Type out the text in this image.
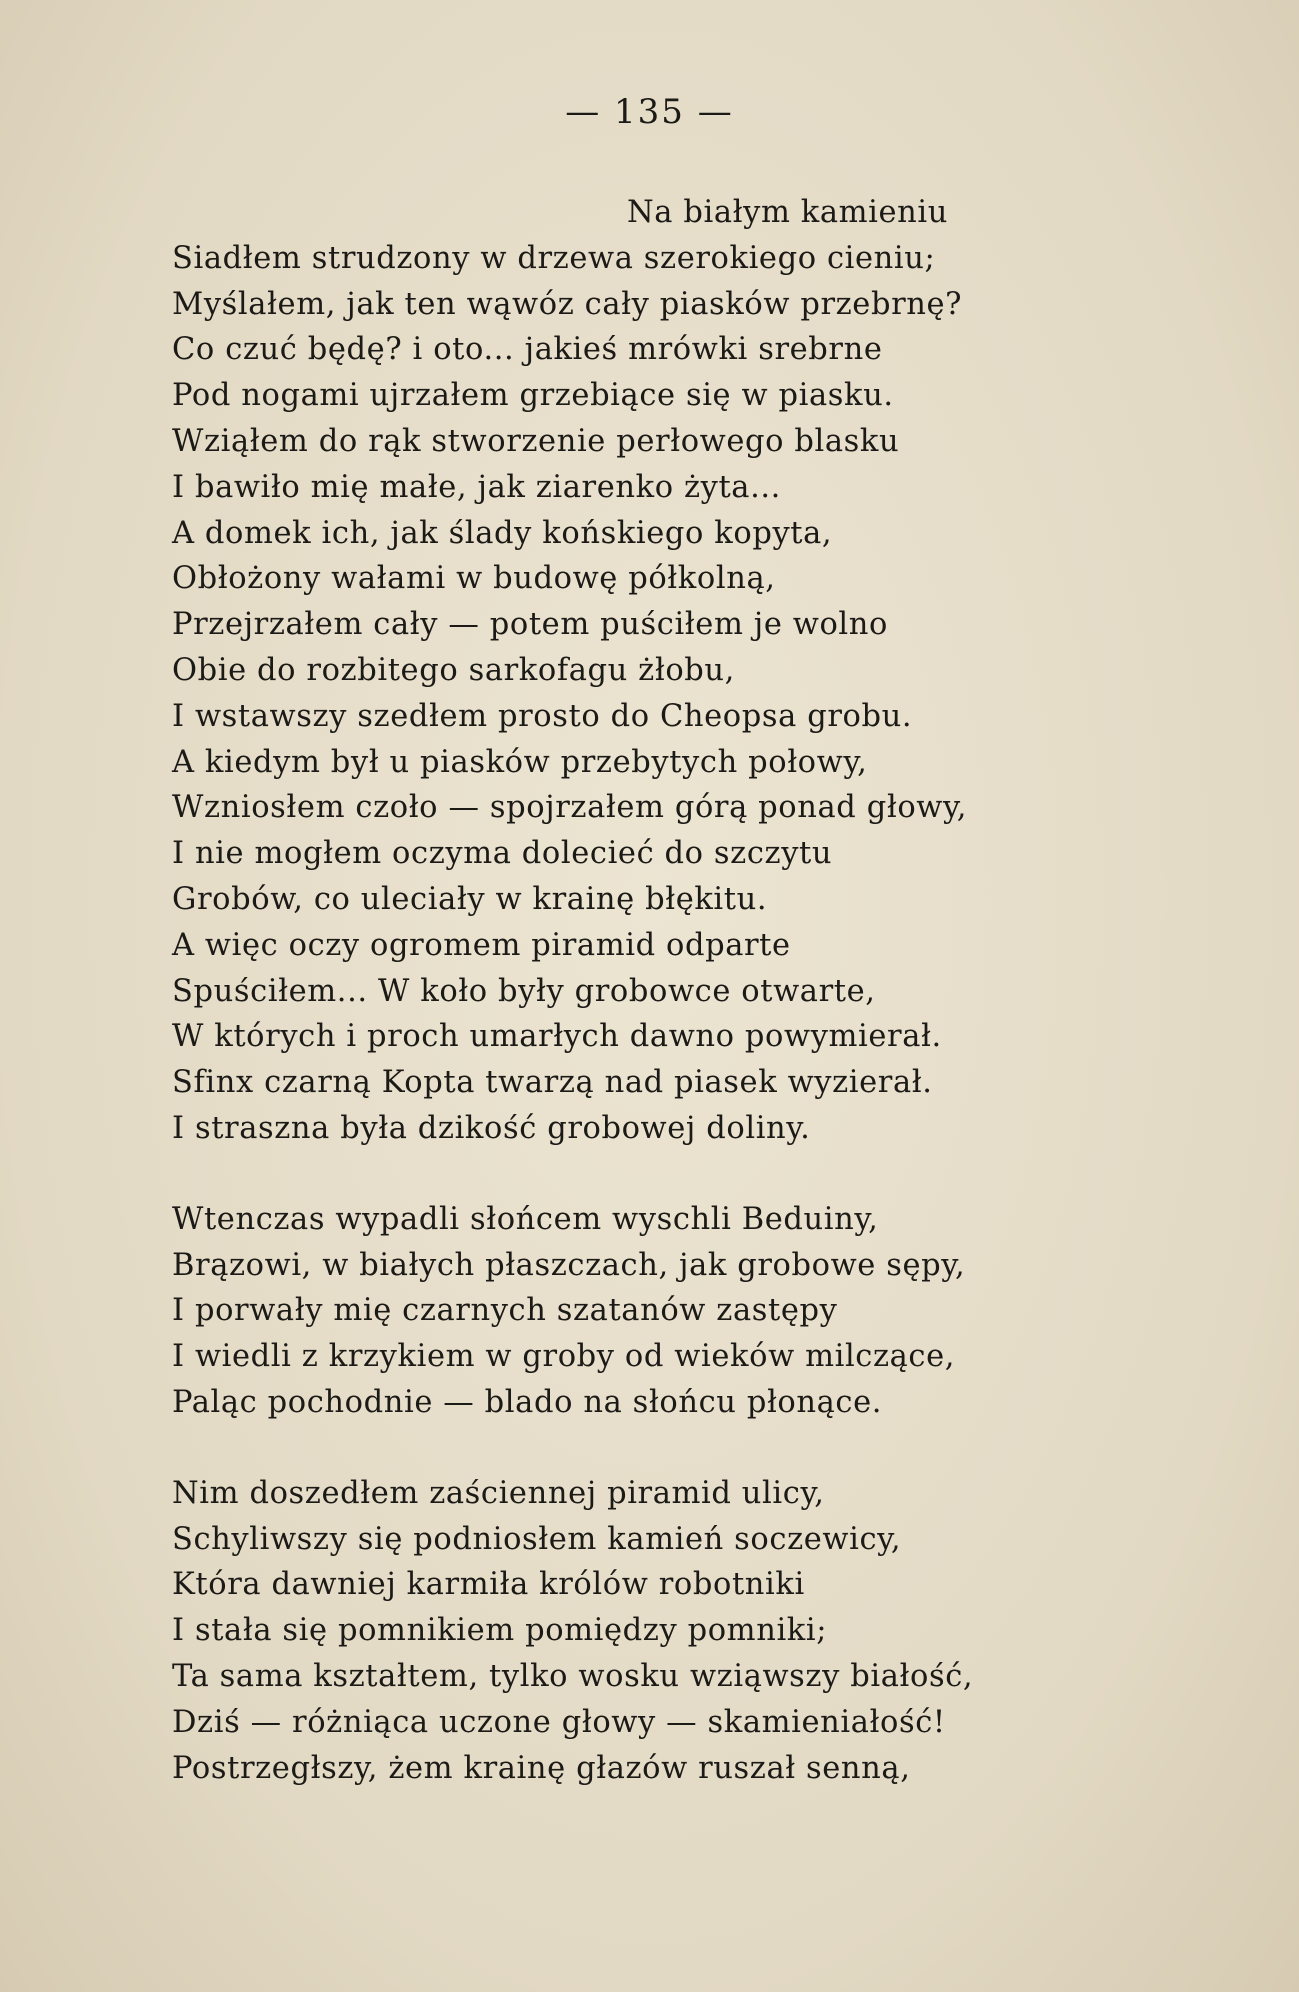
— 135 —
Na białym kamieniu
Siadłem strudzony w drzewa szerokiego cieniu;
Myślałem, jak ten wąwóz cały piasków przebrnę?
Co czuć będę? i oto... jakieś mrówki srebrne
Pod nogami ujrzałem grzebiące się w piasku.
Wziąłem do rąk stworzenie perłowego blasku
I bawiło mię małe, jak ziarenko żyta...
A domek ich, jak ślady końskiego kopyta,
Obłożony wałami w budowę półkolną,
Przejrzałem cały — potem puściłem je wolno
Obie do rozbitego sarkofagu żłobu,
I wstawszy szedłem prosto do Cheopsa grobu.
A kiedym był u piasków przebytych połowy,
Wzniosłem czoło — spojrzałem górą ponad głowy,
I nie mogłem oczyma dolecieć do szczytu
Grobów, co uleciały w krainę błękitu.
A więc oczy ogromem piramid odparte
Spuściłem... W koło były grobowce otwarte,
W których i proch umarłych dawno powymierał.
Sfinx czarną Kopta twarzą nad piasek wyzierał.
I straszna była dzikość grobowej doliny.
Wtenczas wypadli słońcem wyschli Beduiny,
Brązowi, w białych płaszczach, jak grobowe sępy,
I porwały mię czarnych szatanów zastępy
I wiedli z krzykiem w groby od wieków milczące,
Paląc pochodnie — blado na słońcu płonące.
Nim doszedłem zaściennej piramid ulicy,
Schyliwszy się podniosłem kamień soczewicy,
Która dawniej karmiła królów robotniki
I stała się pomnikiem pomiędzy pomniki;
Ta sama kształtem, tylko wosku wziąwszy białość,
Dziś — różniąca uczone głowy — skamieniałość!
Postrzegłszy, żem krainę głazów ruszał senną,
